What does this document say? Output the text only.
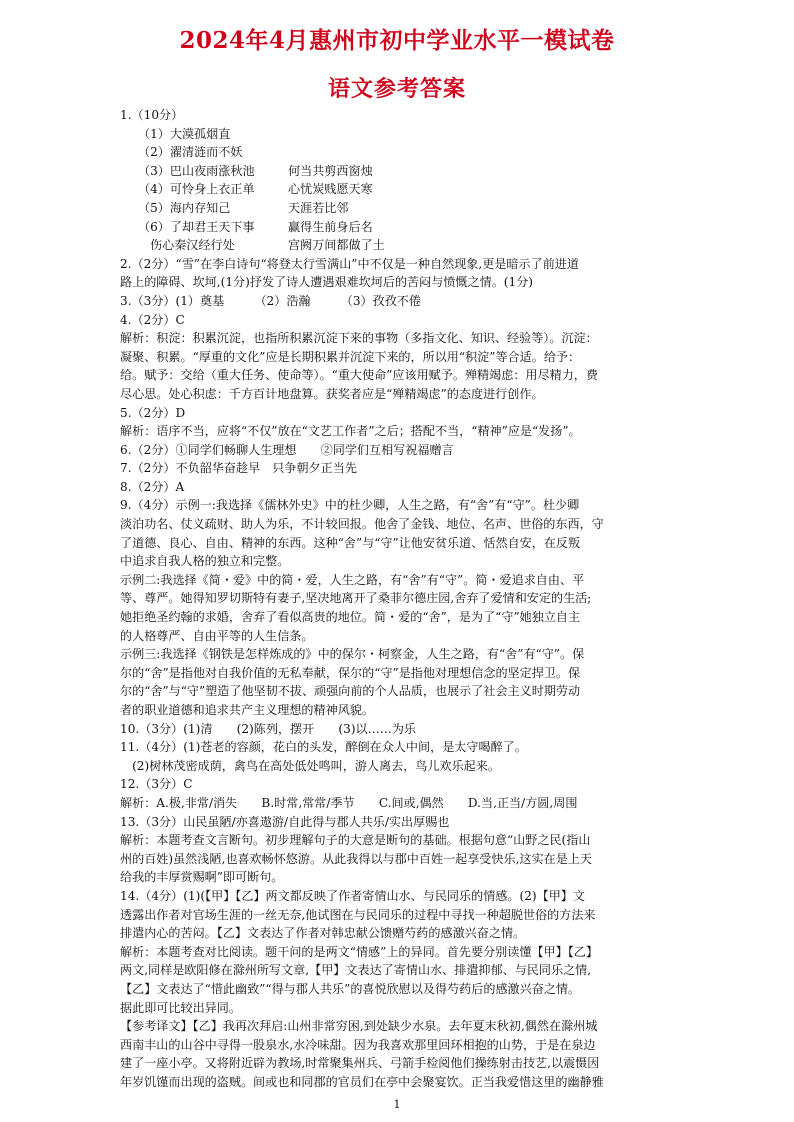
2024年4月惠州市初中学业水平一模试卷
语文参考答案
1.（10分）
（1）大漠孤烟直
（2）濯清涟而不妖
（3）巴山夜雨涨秋池	何当共剪西窗烛
（4）可怜身上衣正单	心忧炭贱愿天寒
（5）海内存知己	天涯若比邻
（6）了却君王天下事	赢得生前身后名
伤心秦汉经行处	宫阙万间都做了土
2.（2分）“雪”在李白诗句“将登太行雪满山”中不仅是一种自然现象,更是暗示了前进道
路上的障碍、坎坷,(1分)抒发了诗人遭遇艰难坎坷后的苦闷与愤慨之情。(1分)
3.（3分）(1）奠基　　　（2）浩瀚　　　（3）孜孜不倦
4.（2分）C
解析：积淀：积累沉淀，也指所积累沉淀下来的事物（多指文化、知识、经验等）。沉淀：
凝聚、积累。“厚重的文化”应是长期积累并沉淀下来的，所以用“积淀”等合适。给予：
给。赋予：交给（重大任务、使命等）。“重大使命”应该用赋予。殚精竭虑：用尽精力，费
尽心思。处心积虑：千方百计地盘算。获奖者应是“殚精竭虑”的态度进行创作。
5.（2分）D
解析：语序不当，应将“不仅”放在“文艺工作者”之后；搭配不当，“精神”应是“发扬”。
6.（2分）①同学们畅聊人生理想　　②同学们互相写祝福赠言
7.（2分）不负韶华奋趁早　只争朝夕正当先
8.（2分）A
9.（4分）示例一:我选择《儒林外史》中的杜少卿，人生之路，有“舍”有“守”。杜少卿
淡泊功名、仗义疏财、助人为乐，不计较回报。他舍了金钱、地位、名声、世俗的东西，守
了道德、良心、自由、精神的东西。这种“舍”与“守”让他安贫乐道、恬然自安，在反叛
中追求自我人格的独立和完整。
示例二:我选择《简・爱》中的简・爱，人生之路，有“舍”有“守”。简・爱追求自由、平
等、尊严。她得知罗切斯特有妻子,坚决地离开了桑菲尔德庄园,舍弃了爱情和安定的生活;
她拒绝圣约翰的求婚，舍弃了看似高贵的地位。简・爱的“舍”，是为了“守”她独立自主
的人格尊严、自由平等的人生信条。
示例三:我选择《钢铁是怎样炼成的》中的保尔・柯察金，人生之路，有“舍”有“守”。保
尔的“舍”是指他对自我价值的无私奉献，保尔的“守”是指他对理想信念的坚定捍卫。保
尔的“舍”与“守”塑造了他坚韧不拔、顽强向前的个人品质，也展示了社会主义时期劳动
者的职业道德和追求共产主义理想的精神风貌。
10.（3分）(1)清　　(2)陈列，摆开　　(3)以……为乐
11.（4分）(1)苍老的容颜，花白的头发，醉倒在众人中间，是太守喝醉了。
　(2)树林茂密成荫，禽鸟在高处低处鸣叫，游人离去，鸟儿欢乐起来。
12.（3分）C
解析：A.极,非常/消失　　B.时常,常常/季节　　C.间或,偶然　　D.当,正当/方圆,周围
13.（3分）山民虽陋/亦喜遨游/自此得与郡人共乐/实出厚赐也
解析：本题考查文言断句。初步理解句子的大意是断句的基础。根据句意“山野之民(指山
州的百姓)虽然浅陋,也喜欢畅怀悠游。从此我得以与郡中百姓一起享受快乐,这实在是上天
给我的丰厚赏赐啊”即可断句。
14.（4分）(1)(【甲】【乙】两文都反映了作者寄情山水、与民同乐的情感。(2)【甲】文
透露出作者对官场生涯的一丝无奈,他试图在与民同乐的过程中寻找一种超脱世俗的方法来
排遣内心的苦闷。【乙】文表达了作者对韩忠献公馈赠芍药的感激兴奋之情。
解析：本题考查对比阅读。题干问的是两文“情感”上的异同。首先要分别读懂【甲】【乙】
两文,同样是欧阳修在滁州所写文章,【甲】文表达了寄情山水、排遣抑郁、与民同乐之情,
【乙】文表达了“惜此幽致”“得与郡人共乐”的喜悦欣慰以及得芍药后的感激兴奋之情。
据此即可比较出异同。
【参考译文】【乙】我再次拜启:山州非常穷困,到处缺少水泉。去年夏末秋初,偶然在滁州城
西南丰山的山谷中寻得一股泉水,水冷味甜。因为我喜欢那里回环相抱的山势，于是在泉边
建了一座小亭。又将附近辟为教场,时常聚集州兵、弓箭手检阅他们操练射击技艺,以震慑因
年岁饥馑而出现的盗贼。间或也和同郡的官员们在亭中会聚宴饮。正当我爱惜这里的幽静雅
1
